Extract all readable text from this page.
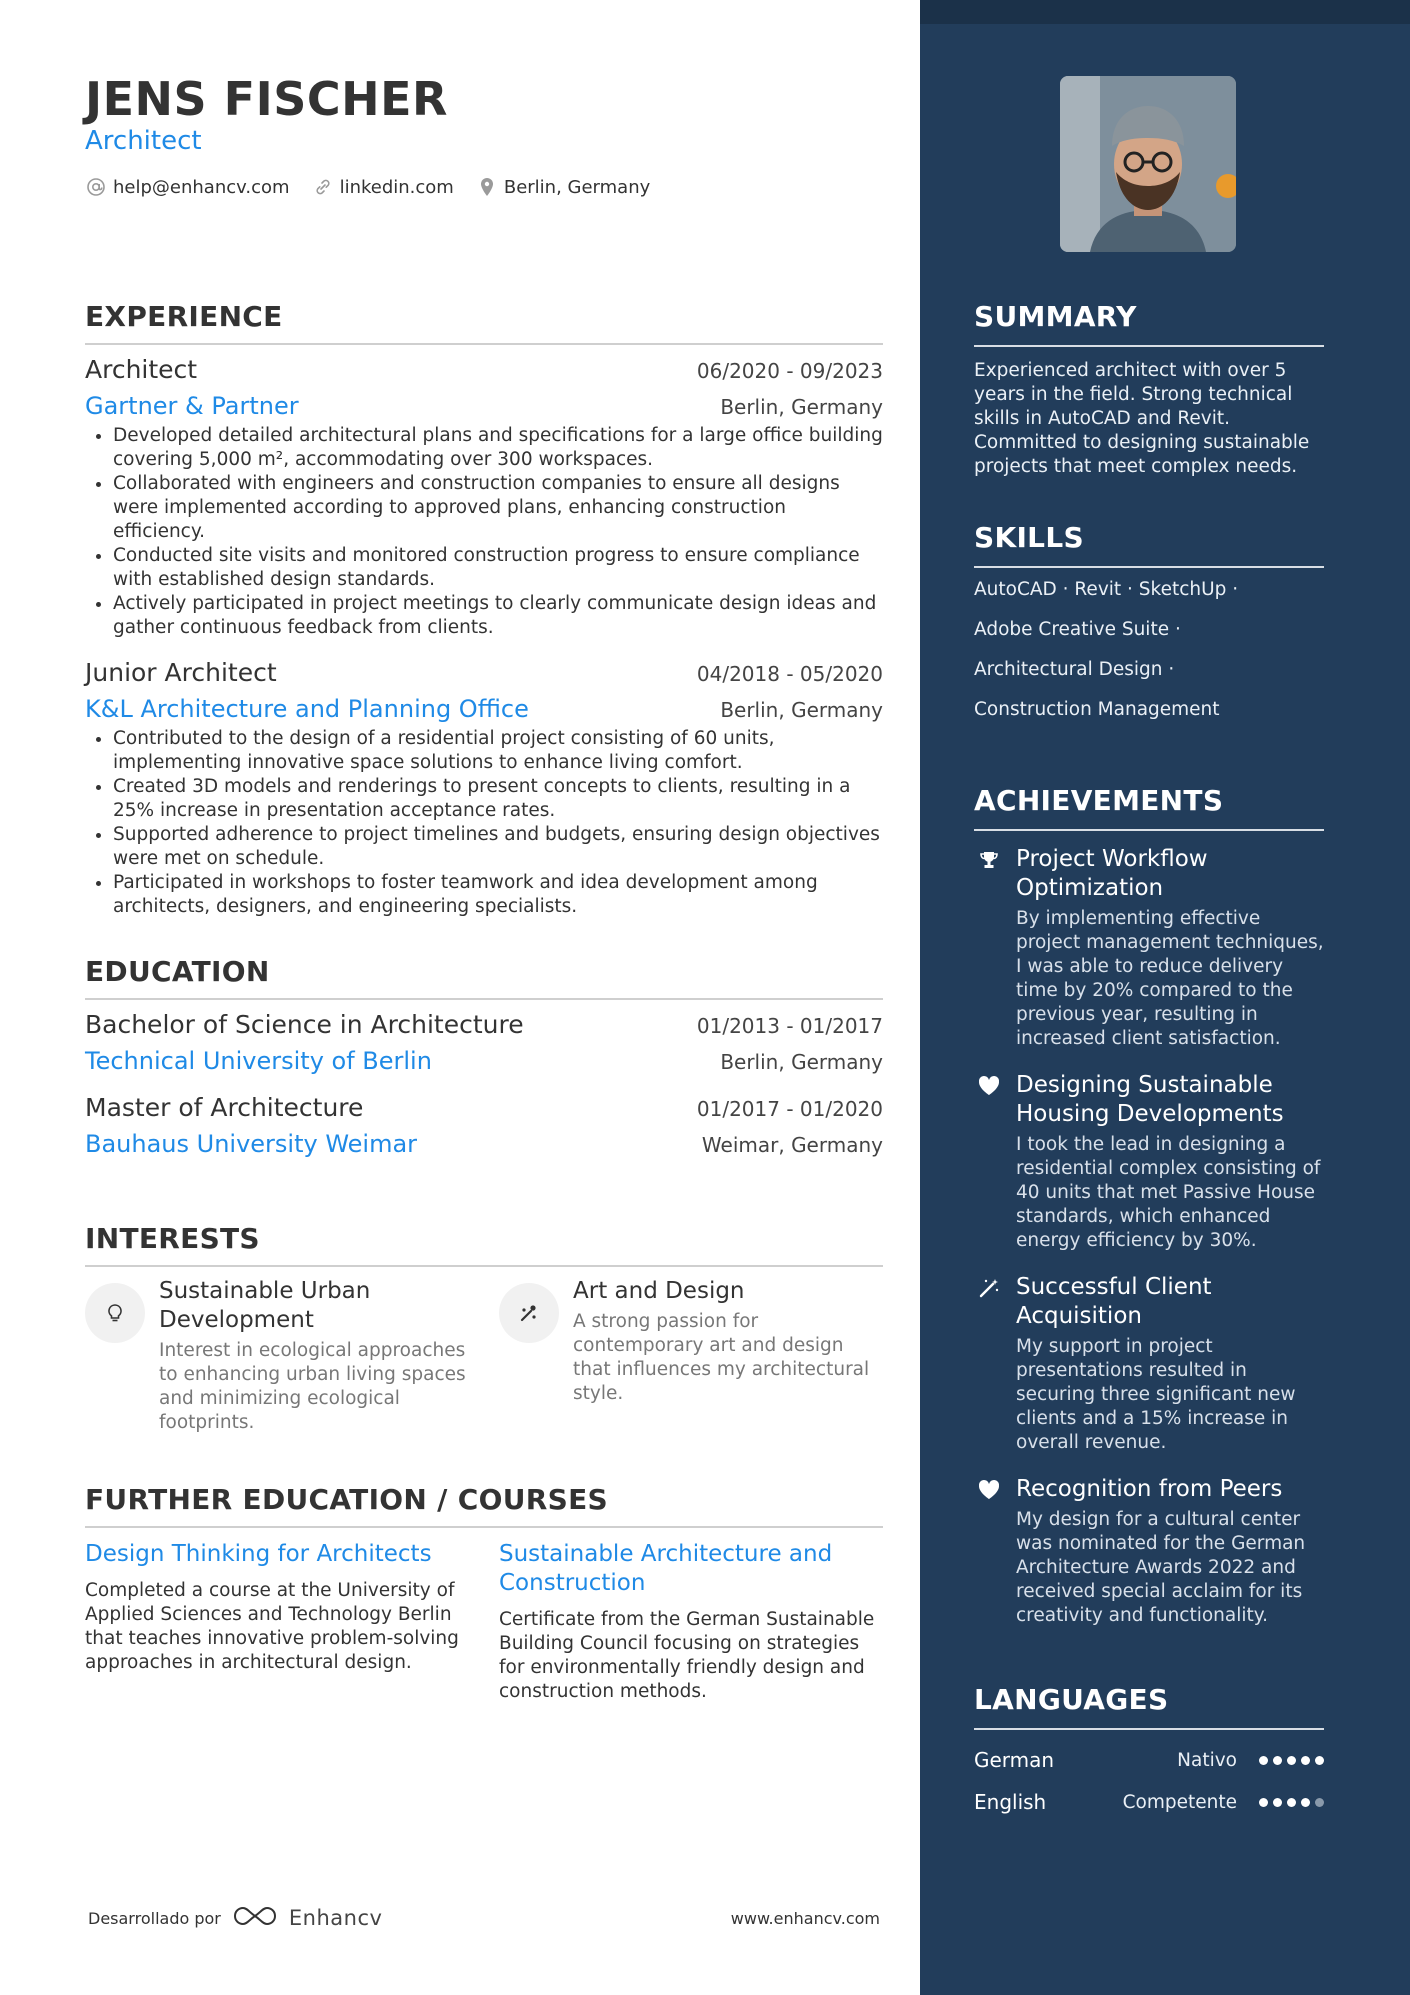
JENS FISCHER
Architect
help@enhancv.com	linkedin.com	Berlin, Germany
EXPERIENCE
Architect	06/2020 - 09/2023
Gartner & Partner	Berlin, Germany
• Developed detailed architectural plans and specifications for a large office building covering 5,000 m², accommodating over 300 workspaces.
• Collaborated with engineers and construction companies to ensure all designs were implemented according to approved plans, enhancing construction efficiency.
• Conducted site visits and monitored construction progress to ensure compliance with established design standards.
• Actively participated in project meetings to clearly communicate design ideas and gather continuous feedback from clients.
Junior Architect	04/2018 - 05/2020
K&L Architecture and Planning Office	Berlin, Germany
• Contributed to the design of a residential project consisting of 60 units, implementing innovative space solutions to enhance living comfort.
• Created 3D models and renderings to present concepts to clients, resulting in a 25% increase in presentation acceptance rates.
• Supported adherence to project timelines and budgets, ensuring design objectives were met on schedule.
• Participated in workshops to foster teamwork and idea development among architects, designers, and engineering specialists.
EDUCATION
Bachelor of Science in Architecture	01/2013 - 01/2017
Technical University of Berlin	Berlin, Germany
Master of Architecture	01/2017 - 01/2020
Bauhaus University Weimar	Weimar, Germany
INTERESTS
Sustainable Urban Development
Interest in ecological approaches to enhancing urban living spaces and minimizing ecological footprints.
Art and Design
A strong passion for contemporary art and design that influences my architectural style.
FURTHER EDUCATION / COURSES
Design Thinking for Architects
Completed a course at the University of Applied Sciences and Technology Berlin that teaches innovative problem-solving approaches in architectural design.
Sustainable Architecture and Construction
Certificate from the German Sustainable Building Council focusing on strategies for environmentally friendly design and construction methods.
Desarrollado por	Enhancv	www.enhancv.com
SUMMARY
Experienced architect with over 5 years in the field. Strong technical skills in AutoCAD and Revit. Committed to designing sustainable projects that meet complex needs.
SKILLS
AutoCAD · Revit · SketchUp ·
Adobe Creative Suite ·
Architectural Design ·
Construction Management
ACHIEVEMENTS
Project Workflow Optimization
By implementing effective project management techniques, I was able to reduce delivery time by 20% compared to the previous year, resulting in increased client satisfaction.
Designing Sustainable Housing Developments
I took the lead in designing a residential complex consisting of 40 units that met Passive House standards, which enhanced energy efficiency by 30%.
Successful Client Acquisition
My support in project presentations resulted in securing three significant new clients and a 15% increase in overall revenue.
Recognition from Peers
My design for a cultural center was nominated for the German Architecture Awards 2022 and received special acclaim for its creativity and functionality.
LANGUAGES
German	Nativo
English	Competente
